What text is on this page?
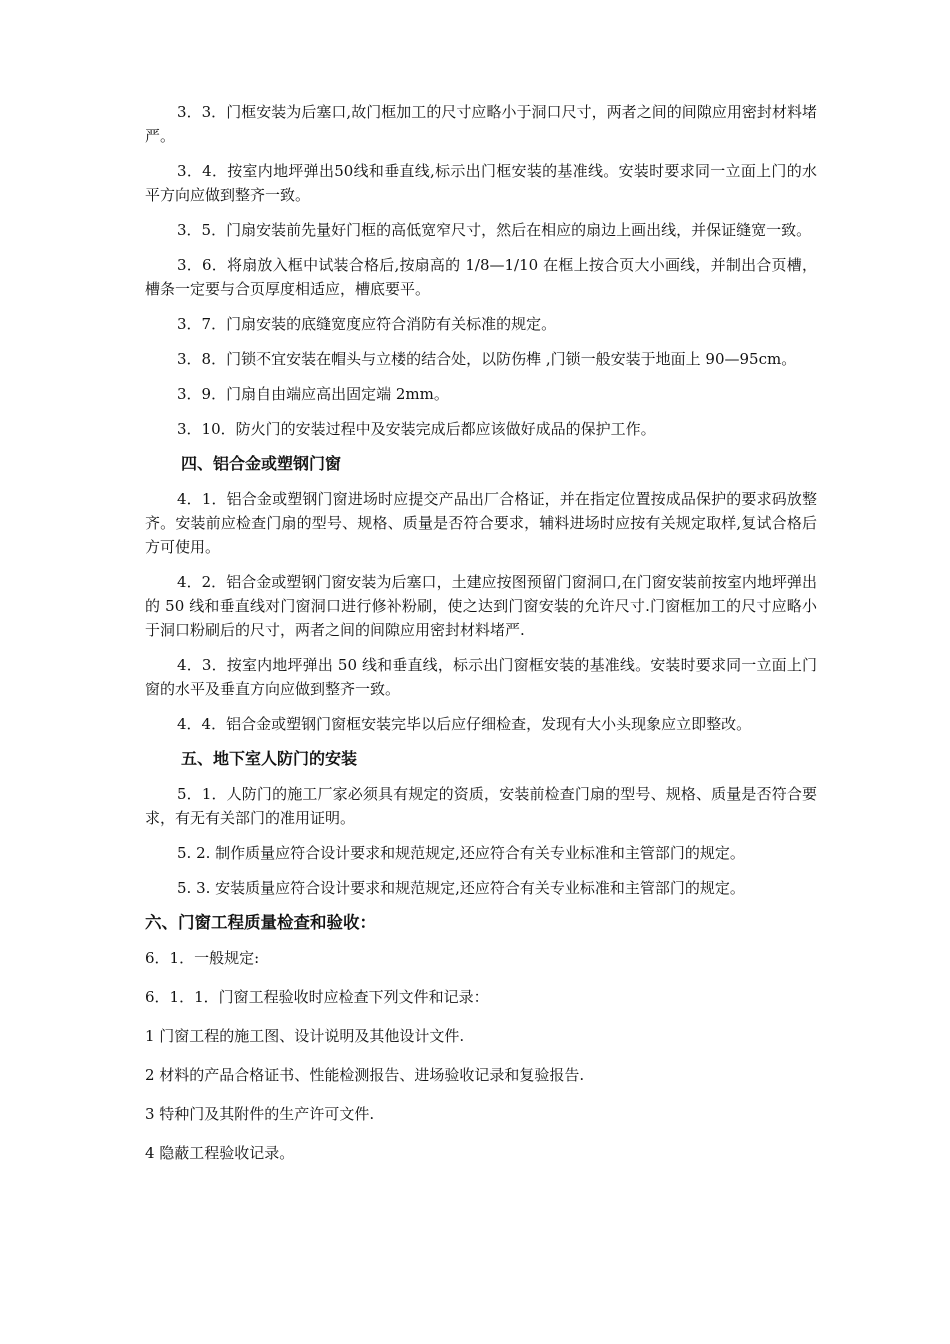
3．3．门框安装为后塞口,故门框加工的尺寸应略小于洞口尺寸，两者之间的间隙应用密封材料堵严。

3．4．按室内地坪弹出50线和垂直线,标示出门框安装的基准线。安装时要求同一立面上门的水平方向应做到整齐一致。

3．5．门扇安装前先量好门框的高低宽窄尺寸，然后在相应的扇边上画出线，并保证缝宽一致。

3．6．将扇放入框中试装合格后,按扇高的 1/8—1/10 在框上按合页大小画线，并制出合页槽，槽条一定要与合页厚度相适应，槽底要平。

3．7．门扇安装的底缝宽度应符合消防有关标准的规定。

3．8．门锁不宜安装在帽头与立楼的结合处，以防伤榫 ,门锁一般安装于地面上 90—95cm。

3．9．门扇自由端应高出固定端 2mm。

3．10．防火门的安装过程中及安装完成后都应该做好成品的保护工作。

四、铝合金或塑钢门窗

4．1．铝合金或塑钢门窗进场时应提交产品出厂合格证，并在指定位置按成品保护的要求码放整齐。安装前应检查门扇的型号、规格、质量是否符合要求，辅料进场时应按有关规定取样,复试合格后方可使用。

4．2．铝合金或塑钢门窗安装为后塞口，土建应按图预留门窗洞口,在门窗安装前按室内地坪弹出的 50 线和垂直线对门窗洞口进行修补粉刷，使之达到门窗安装的允许尺寸.门窗框加工的尺寸应略小于洞口粉刷后的尺寸，两者之间的间隙应用密封材料堵严.

4．3．按室内地坪弹出 50 线和垂直线，标示出门窗框安装的基准线。安装时要求同一立面上门窗的水平及垂直方向应做到整齐一致。

4．4．铝合金或塑钢门窗框安装完毕以后应仔细检查，发现有大小头现象应立即整改。

五、地下室人防门的安装

5．1．人防门的施工厂家必须具有规定的资质，安装前检查门扇的型号、规格、质量是否符合要求，有无有关部门的准用证明。

5. 2. 制作质量应符合设计要求和规范规定,还应符合有关专业标准和主管部门的规定。

5. 3. 安装质量应符合设计要求和规范规定,还应符合有关专业标准和主管部门的规定。

六、门窗工程质量检查和验收：

6．1．一般规定:

6．1．1．门窗工程验收时应检查下列文件和记录：

1 门窗工程的施工图、设计说明及其他设计文件.

2 材料的产品合格证书、性能检测报告、进场验收记录和复验报告.

3 特种门及其附件的生产许可文件.

4 隐蔽工程验收记录。
